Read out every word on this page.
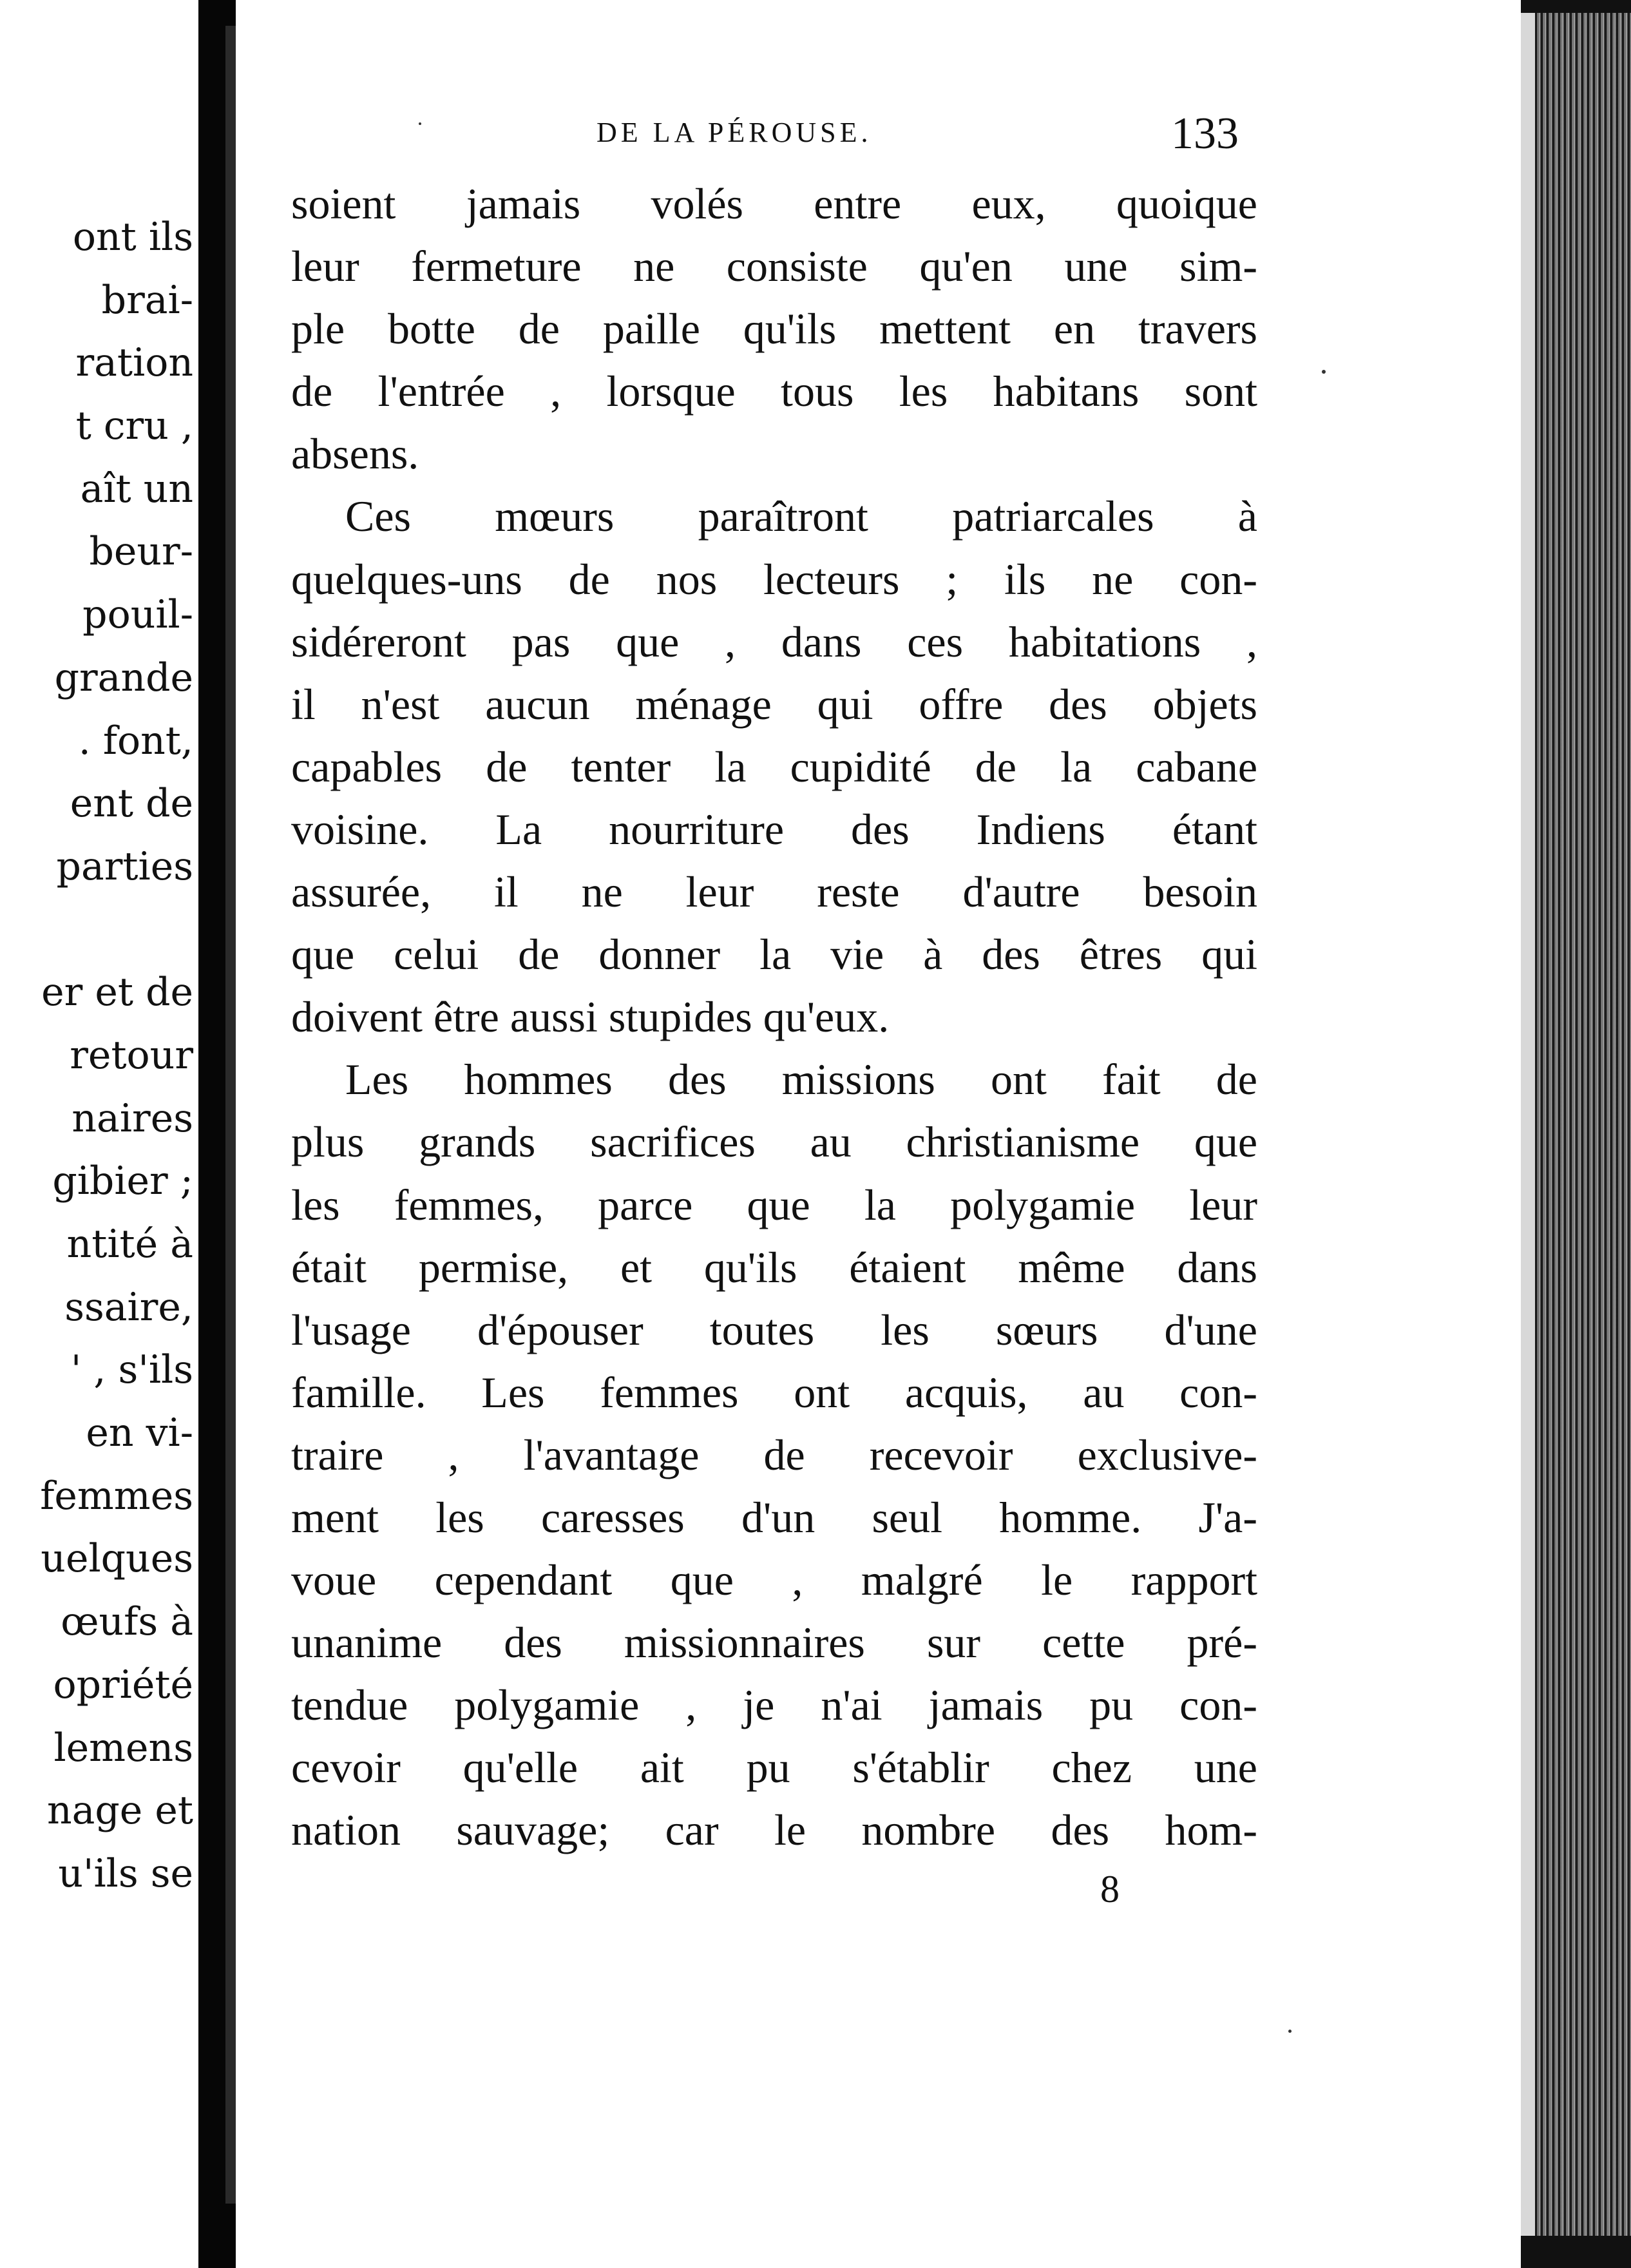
ont ils
brai-
ration
t cru ,
aît un
beur-
pouil-
grande
. font,
ent de
parties
er et de
retour
naires
gibier ;
ntité à
ssaire,
' , s'ils
en vi-
femmes
uelques
œufs à
opriété
lemens
nage et
u'ils se
DE LA PÉROUSE.	133
soient jamais volés entre eux, quoique
leur fermeture ne consiste qu'en une sim-
ple botte de paille qu'ils mettent en travers
de l'entrée , lorsque tous les habitans sont
absens.
Ces mœurs paraîtront patriarcales à
quelques-uns de nos lecteurs ; ils ne con-
sidéreront pas que , dans ces habitations ,
il n'est aucun ménage qui offre des objets
capables de tenter la cupidité de la cabane
voisine. La nourriture des Indiens étant
assurée, il ne leur reste d'autre besoin
que celui de donner la vie à des êtres qui
doivent être aussi stupides qu'eux.
Les hommes des missions ont fait de
plus grands sacrifices au christianisme que
les femmes, parce que la polygamie leur
était permise, et qu'ils étaient même dans
l'usage d'épouser toutes les sœurs d'une
famille. Les femmes ont acquis, au con-
traire , l'avantage de recevoir exclusive-
ment les caresses d'un seul homme. J'a-
voue cependant que , malgré le rapport
unanime des missionnaires sur cette pré-
tendue polygamie , je n'ai jamais pu con-
cevoir qu'elle ait pu s'établir chez une
nation sauvage; car le nombre des hom-
8
